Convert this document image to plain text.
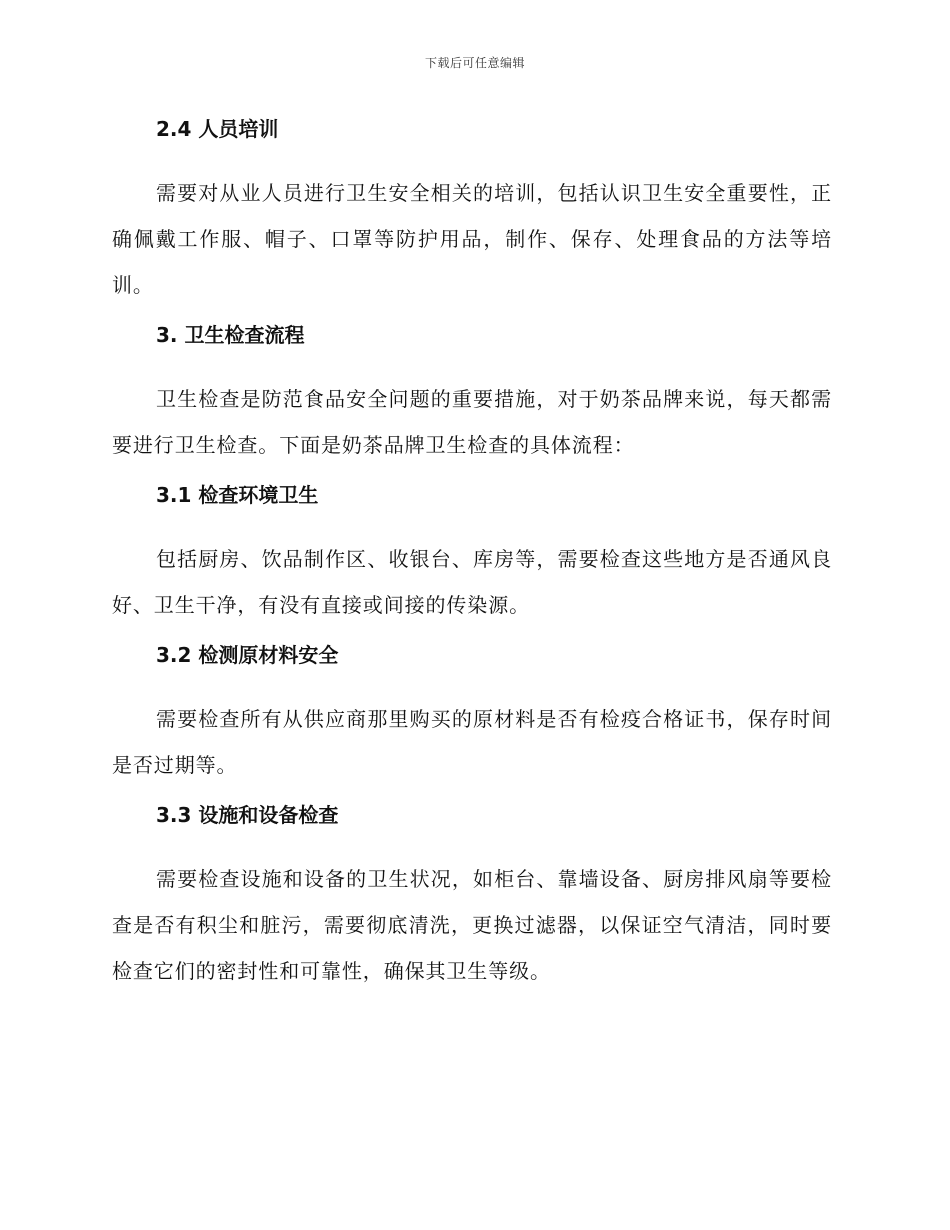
下载后可任意编辑
2.4 人员培训

需要对从业人员进行卫生安全相关的培训，包括认识卫生安全重要性，正确佩戴工作服、帽子、口罩等防护用品，制作、保存、处理食品的方法等培训。

3. 卫生检查流程

卫生检查是防范食品安全问题的重要措施，对于奶茶品牌来说，每天都需要进行卫生检查。下面是奶茶品牌卫生检查的具体流程：

3.1 检查环境卫生

包括厨房、饮品制作区、收银台、库房等，需要检查这些地方是否通风良好、卫生干净，有没有直接或间接的传染源。

3.2 检测原材料安全

需要检查所有从供应商那里购买的原材料是否有检疫合格证书，保存时间是否过期等。

3.3 设施和设备检查

需要检查设施和设备的卫生状况，如柜台、靠墙设备、厨房排风扇等要检查是否有积尘和脏污，需要彻底清洗，更换过滤器，以保证空气清洁，同时要检查它们的密封性和可靠性，确保其卫生等级。
